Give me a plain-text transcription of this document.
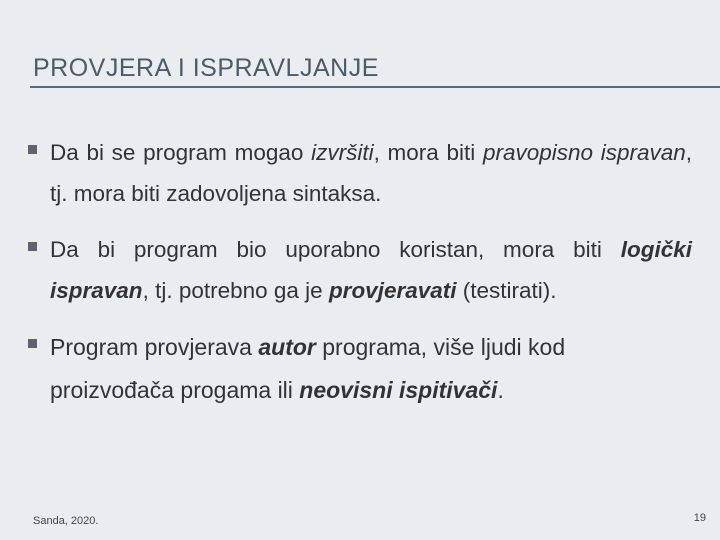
PROVJERA I ISPRAVLJANJE
Da bi se program mogao izvršiti, mora biti pravopisno ispravan, tj. mora biti zadovoljena sintaksa.
Da bi program bio uporabno koristan, mora biti logički ispravan, tj. potrebno ga je provjeravati (testirati).
Program provjerava autor programa, više ljudi kod proizvođača progama ili neovisni ispitivači.
Sanda, 2020.	19
